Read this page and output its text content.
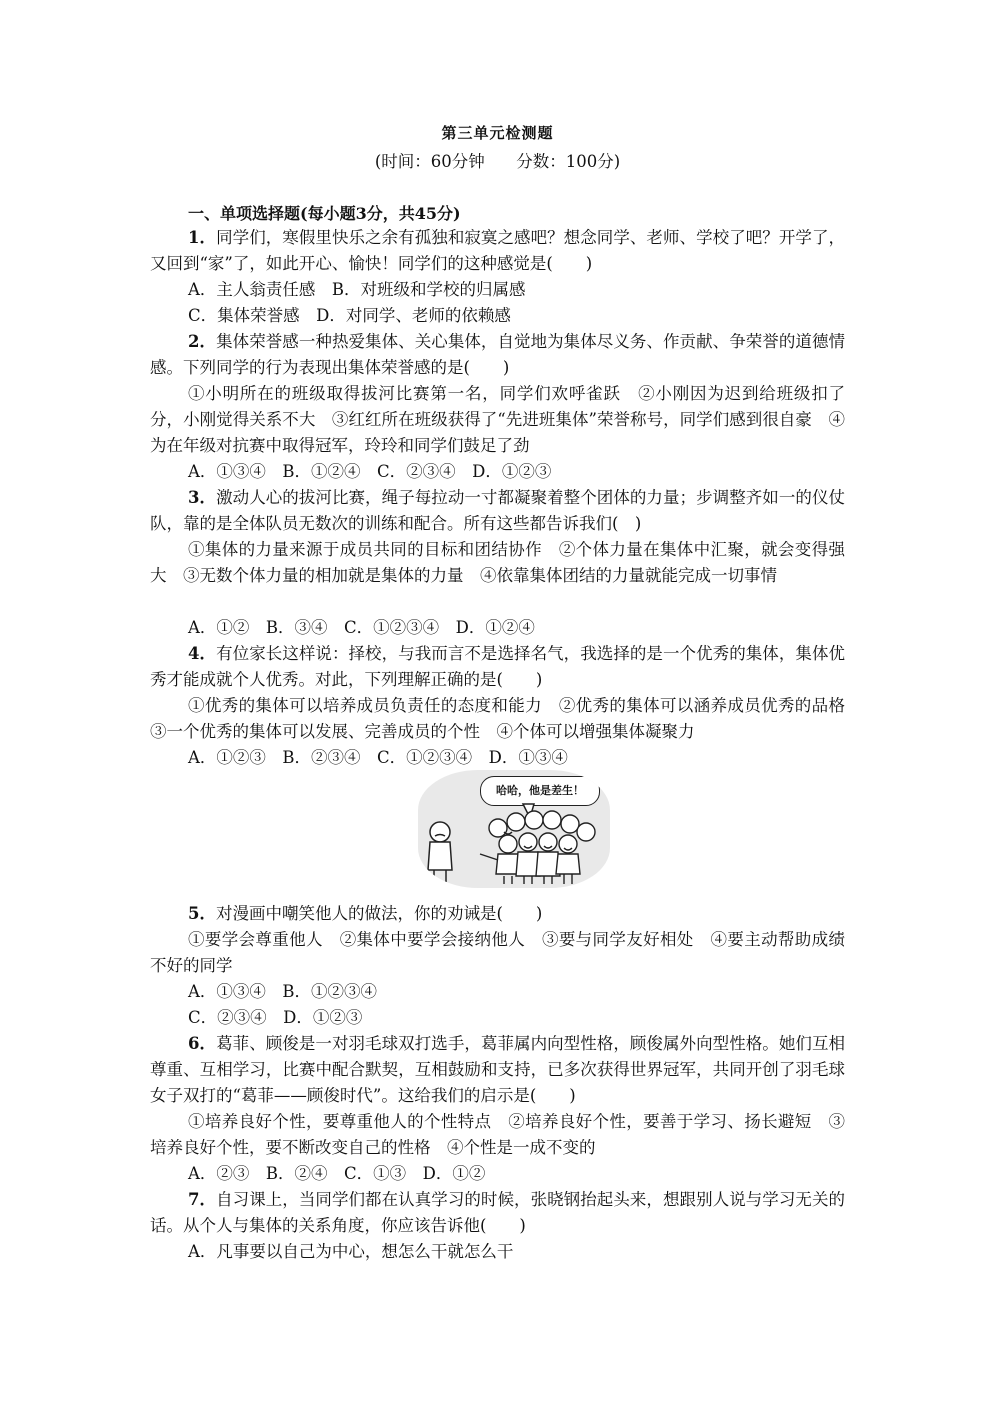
第三单元检测题
(时间：60分钟      分数：100分)
一、单项选择题(每小题3分，共45分)
1．同学们，寒假里快乐之余有孤独和寂寞之感吧？想念同学、老师、学校了吧？开学了，又回到“家”了，如此开心、愉快！同学们的这种感觉是(　　)
A．主人翁责任感　B．对班级和学校的归属感
C．集体荣誉感　D．对同学、老师的依赖感
2．集体荣誉感一种热爱集体、关心集体，自觉地为集体尽义务、作贡献、争荣誉的道德情感。下列同学的行为表现出集体荣誉感的是(　　)
①小明所在的班级取得拔河比赛第一名，同学们欢呼雀跃　②小刚因为迟到给班级扣了分，小刚觉得关系不大　③红红所在班级获得了“先进班集体”荣誉称号，同学们感到很自豪　④为在年级对抗赛中取得冠军，玲玲和同学们鼓足了劲
A．①③④　B．①②④　C．②③④　D．①②③
3．激动人心的拔河比赛，绳子每拉动一寸都凝聚着整个团体的力量；步调整齐如一的仪仗队，靠的是全体队员无数次的训练和配合。所有这些都告诉我们(　)
①集体的力量来源于成员共同的目标和团结协作　②个体力量在集体中汇聚，就会变得强大　③无数个体力量的相加就是集体的力量　④依靠集体团结的力量就能完成一切事情
A．①②　B．③④　C．①②③④　D．①②④
4．有位家长这样说：择校，与我而言不是选择名气，我选择的是一个优秀的集体，集体优秀才能成就个人优秀。对此，下列理解正确的是(　　)
①优秀的集体可以培养成员负责任的态度和能力　②优秀的集体可以涵养成员优秀的品格　③一个优秀的集体可以发展、完善成员的个性　④个体可以增强集体凝聚力
A．①②③　B．②③④　C．①②③④　D．①③④
哈哈，他是差生！
5．对漫画中嘲笑他人的做法，你的劝诫是(　　)
①要学会尊重他人　②集体中要学会接纳他人　③要与同学友好相处　④要主动帮助成绩不好的同学
A．①③④　B．①②③④
C．②③④　D．①②③
6．葛菲、顾俊是一对羽毛球双打选手，葛菲属内向型性格，顾俊属外向型性格。她们互相尊重、互相学习，比赛中配合默契，互相鼓励和支持，已多次获得世界冠军，共同开创了羽毛球女子双打的“葛菲——顾俊时代”。这给我们的启示是(　　)
①培养良好个性，要尊重他人的个性特点　②培养良好个性，要善于学习、扬长避短　③培养良好个性，要不断改变自己的性格　④个性是一成不变的
A．②③　B．②④　C．①③　D．①②
7．自习课上，当同学们都在认真学习的时候，张晓钢抬起头来，想跟别人说与学习无关的话。从个人与集体的关系角度，你应该告诉他(　　)
A．凡事要以自己为中心，想怎么干就怎么干
